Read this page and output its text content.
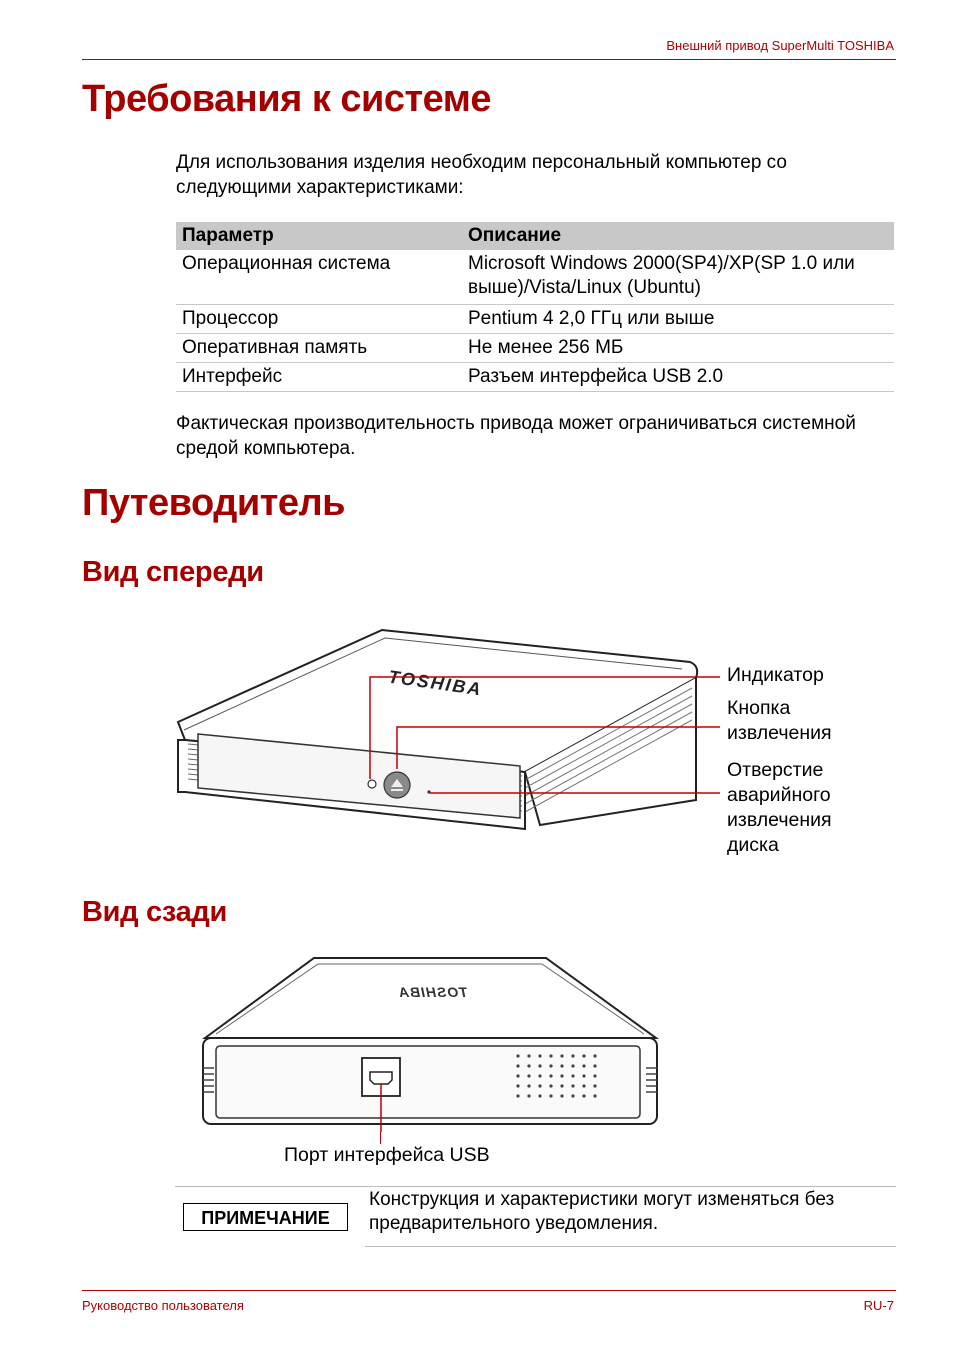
Внешний привод SuperMulti TOSHIBA
Требования к системе
Для использования изделия необходим персональный компьютер со следующими характеристиками:
Параметр	Описание
Операционная система	Microsoft Windows 2000(SP4)/XP(SP 1.0 или выше)/Vista/Linux (Ubuntu)
Процессор	Pentium 4 2,0 ГГц или выше
Оперативная память	Не менее 256 МБ
Интерфейс	Разъем интерфейса USB 2.0
Фактическая производительность привода может ограничиваться системной средой компьютера.
Путеводитель
Вид спереди
TOSHIBA	Индикатор
Кнопка извлечения
Отверстие аварийного извлечения диска
Вид сзади
TOSHIBA
Порт интерфейса USB
ПРИМЕЧАНИЕ
Конструкция и характеристики могут изменяться без предварительного уведомления.
Руководство пользователя	RU-7
